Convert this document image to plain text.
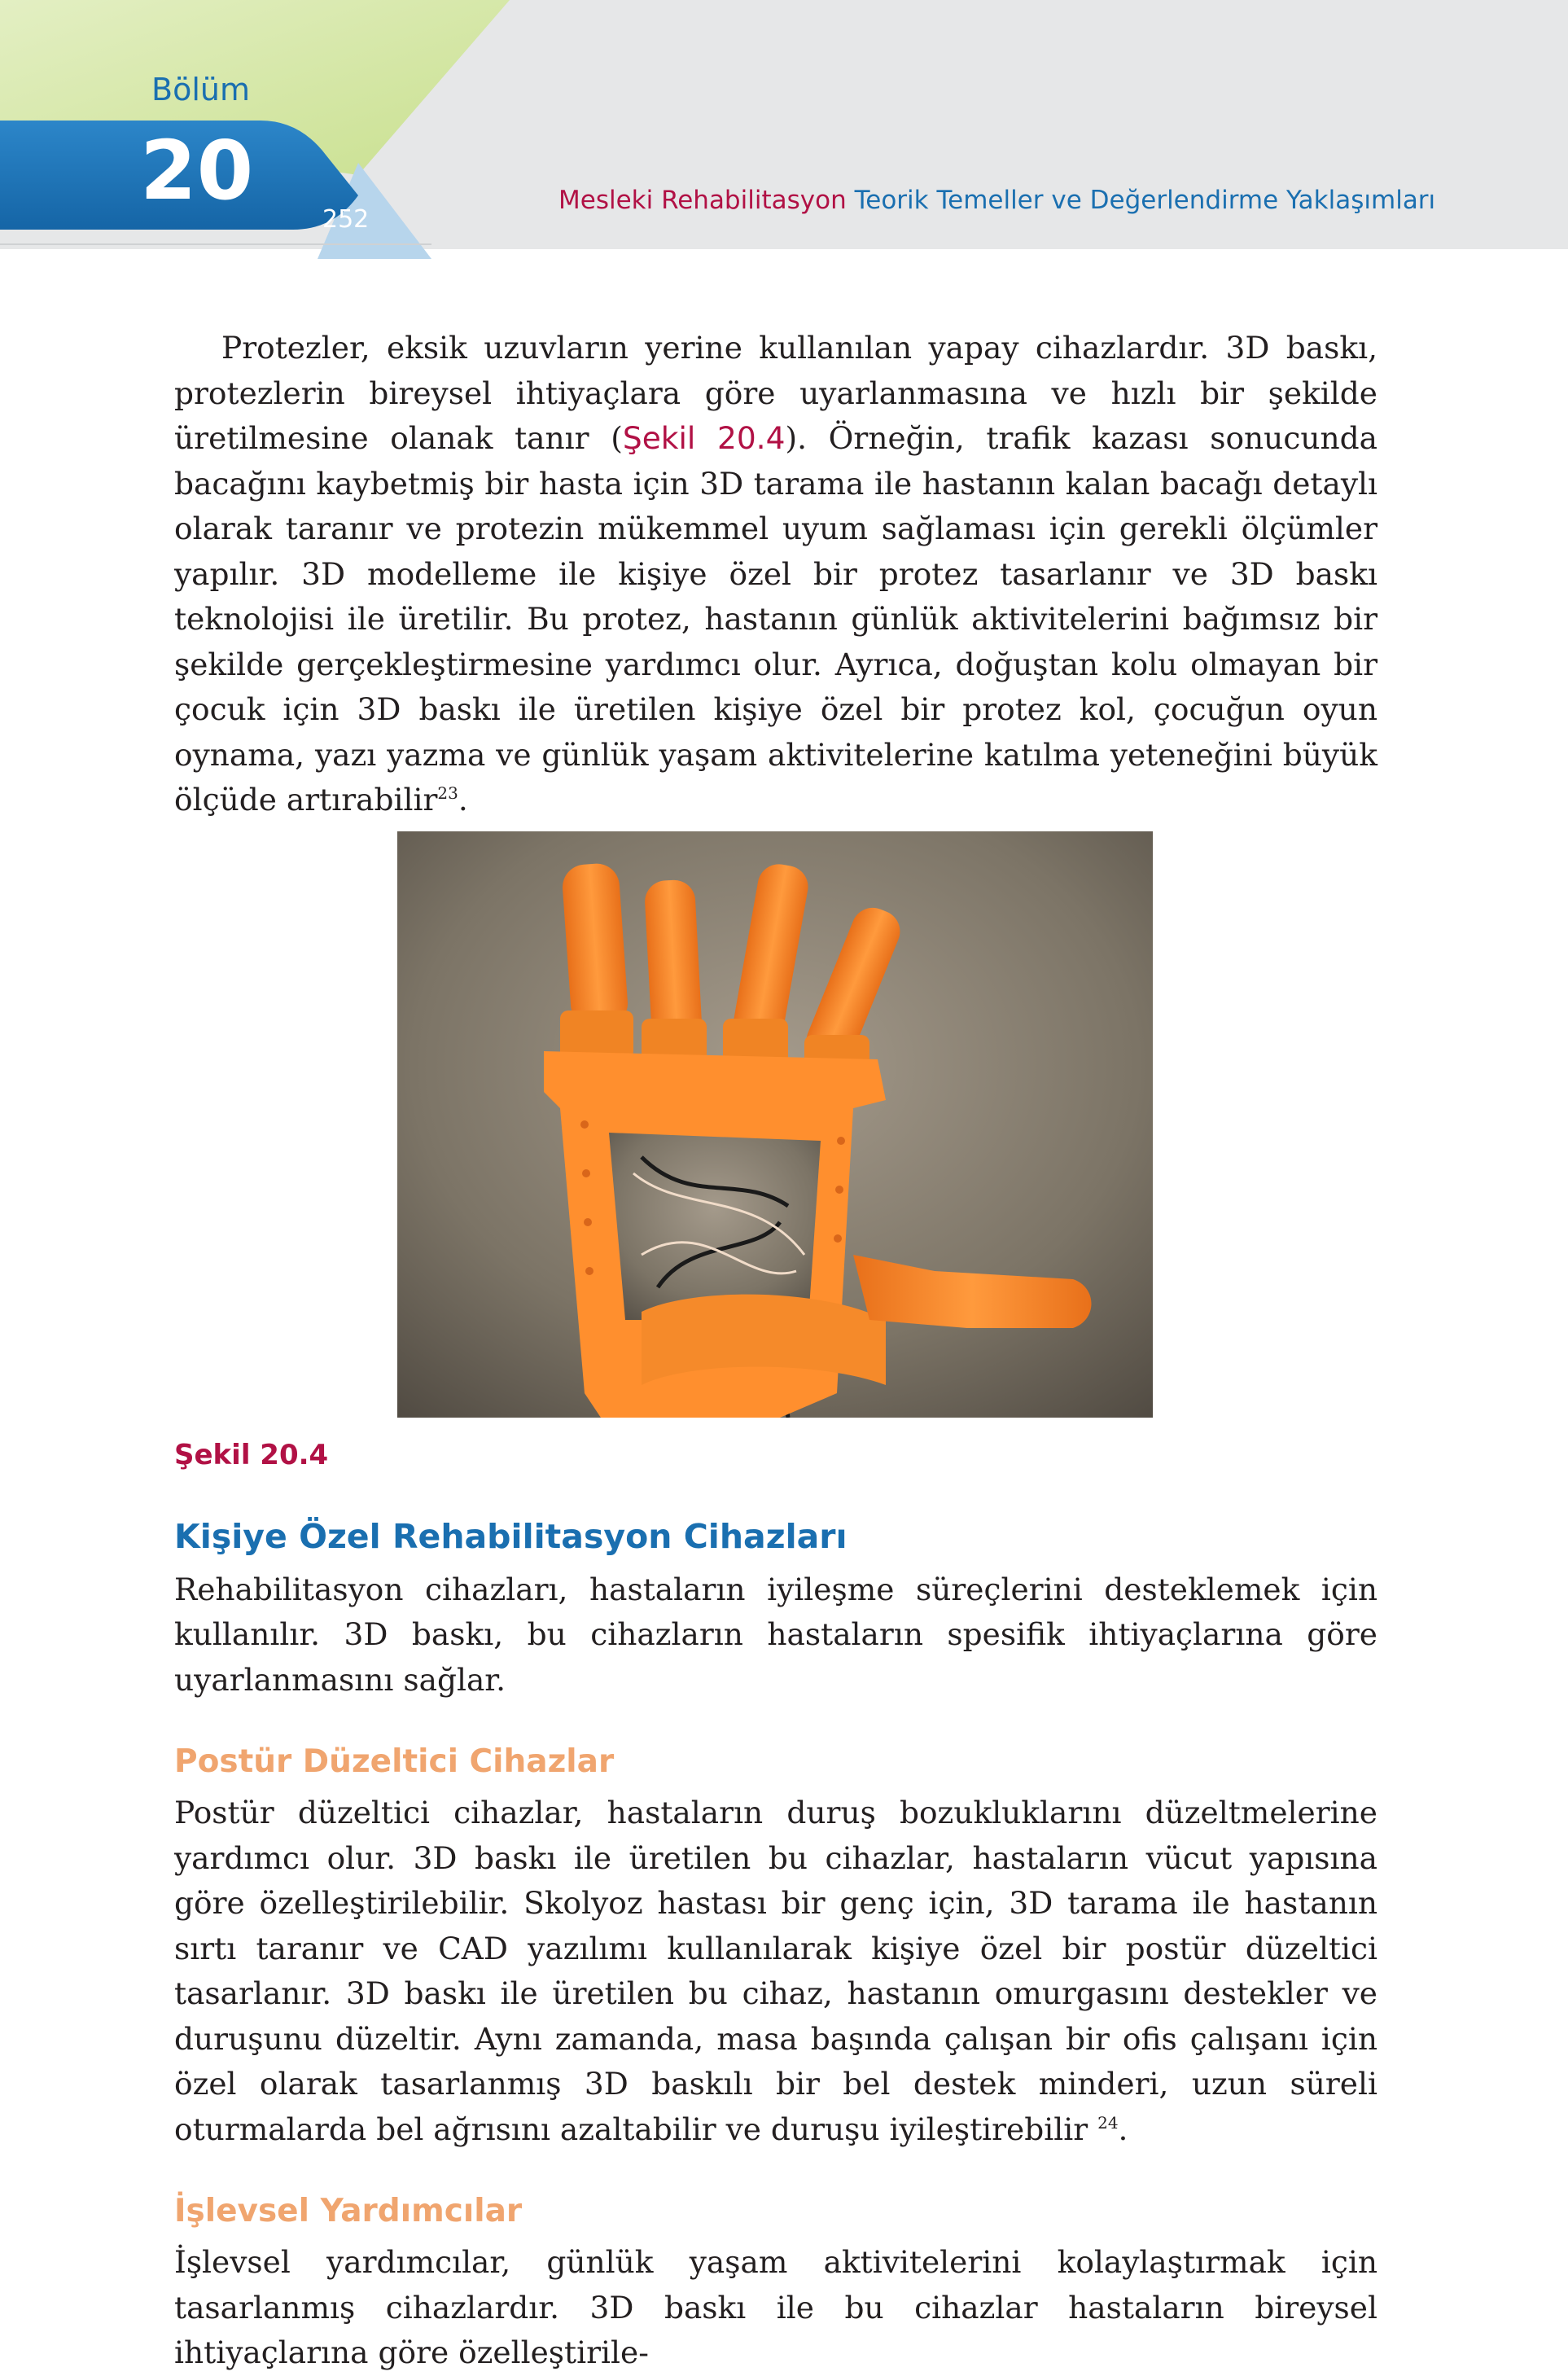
Bölüm
20
252
Mesleki Rehabilitasyon Teorik Temeller ve Değerlendirme Yaklaşımları

Protezler, eksik uzuvların yerine kullanılan yapay cihazlardır. 3D baskı, protezlerin bireysel ihtiyaçlara göre uyarlanmasına ve hızlı bir şekilde üretilmesine olanak tanır (Şekil 20.4). Örneğin, trafik kazası sonucunda bacağını kaybetmiş bir hasta için 3D tarama ile hastanın kalan bacağı detaylı olarak taranır ve protezin mükemmel uyum sağlaması için gerekli ölçümler yapılır. 3D modelleme ile kişiye özel bir protez tasarlanır ve 3D baskı teknolojisi ile üretilir. Bu protez, hastanın günlük aktivitelerini bağımsız bir şekilde gerçekleştirmesine yardımcı olur. Ayrıca, doğuştan kolu olmayan bir çocuk için 3D baskı ile üretilen kişiye özel bir protez kol, çocuğun oyun oynama, yazı yazma ve günlük yaşam aktivitelerine katılma yeteneğini büyük ölçüde artırabilir$^{23}$.

Şekil 20.4
Kişiye Özel Rehabilitasyon Cihazları

Rehabilitasyon cihazları, hastaların iyileşme süreçlerini desteklemek için kullanılır. 3D baskı, bu cihazların hastaların spesifik ihtiyaçlarına göre uyarlanmasını sağlar.

Postür Düzeltici Cihazlar

Postür düzeltici cihazlar, hastaların duruş bozukluklarını düzeltmelerine yardımcı olur. 3D baskı ile üretilen bu cihazlar, hastaların vücut yapısına göre özelleştirilebilir. Skolyoz hastası bir genç için, 3D tarama ile hastanın sırtı taranır ve CAD yazılımı kullanılarak kişiye özel bir postür düzeltici tasarlanır. 3D baskı ile üretilen bu cihaz, hastanın omurgasını destekler ve duruşunu düzeltir. Aynı zamanda, masa başında çalışan bir ofis çalışanı için özel olarak tasarlanmış 3D baskılı bir bel destek minderi, uzun süreli oturmalarda bel ağrısını azaltabilir ve duruşu iyileştirebilir $^{24}$.

İşlevsel Yardımcılar

İşlevsel yardımcılar, günlük yaşam aktivitelerini kolaylaştırmak için tasarlanmış cihazlardır. 3D baskı ile bu cihazlar hastaların bireysel ihtiyaçlarına göre özelleştirile-
